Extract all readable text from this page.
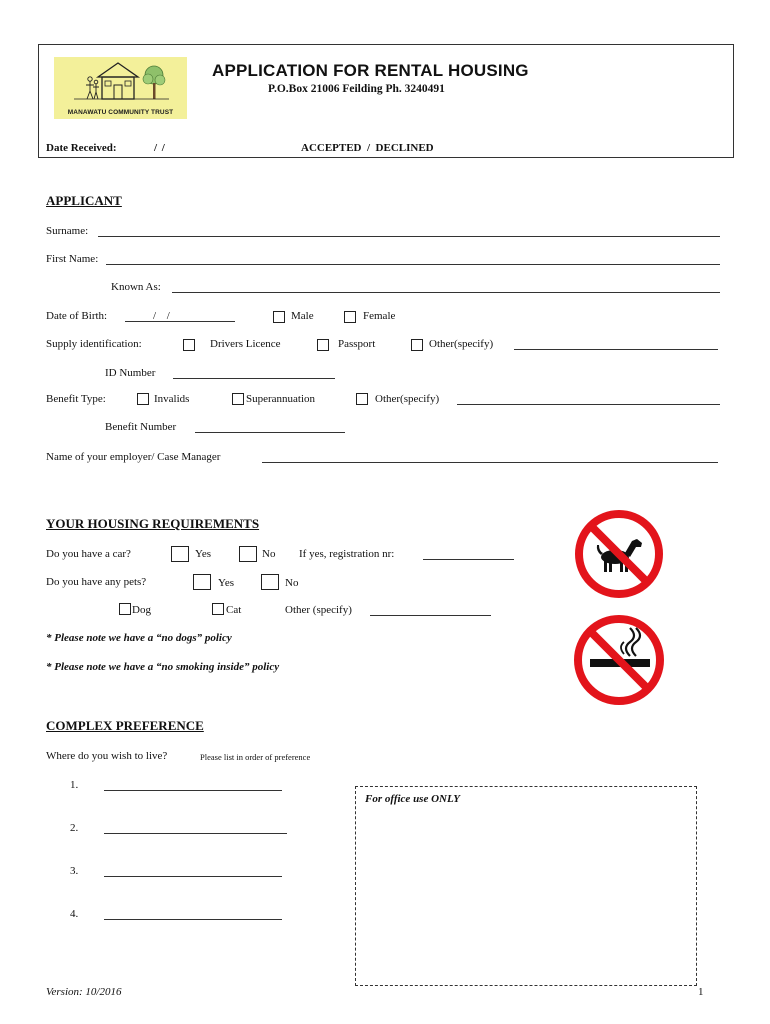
MANAWATU COMMUNITY TRUST
APPLICATION FOR RENTAL HOUSING
P.O.Box 21006 Feilding Ph. 3240491
Date Received:	/ /	ACCEPTED  /  DECLINED
APPLICANT
Surname:
First Name:
Known As:
Date of Birth:	/ /	Male	Female
Supply identification:	Drivers Licence	Passport	Other(specify)
ID Number
Benefit Type:	Invalids	Superannuation	Other(specify)
Benefit Number
Name of your employer/ Case Manager
YOUR HOUSING REQUIREMENTS
Do you have a car?	Yes	No If yes, registration nr:
Do you have any pets?	Yes	No
Dog	Cat	Other (specify)
* Please note we have a “no dogs” policy
* Please note we have a “no smoking inside” policy
COMPLEX PREFERENCE
Where do you wish to live?	Please list in order of preference
1.
2.
3.
4.
For office use ONLY
Version: 10/2016	1
